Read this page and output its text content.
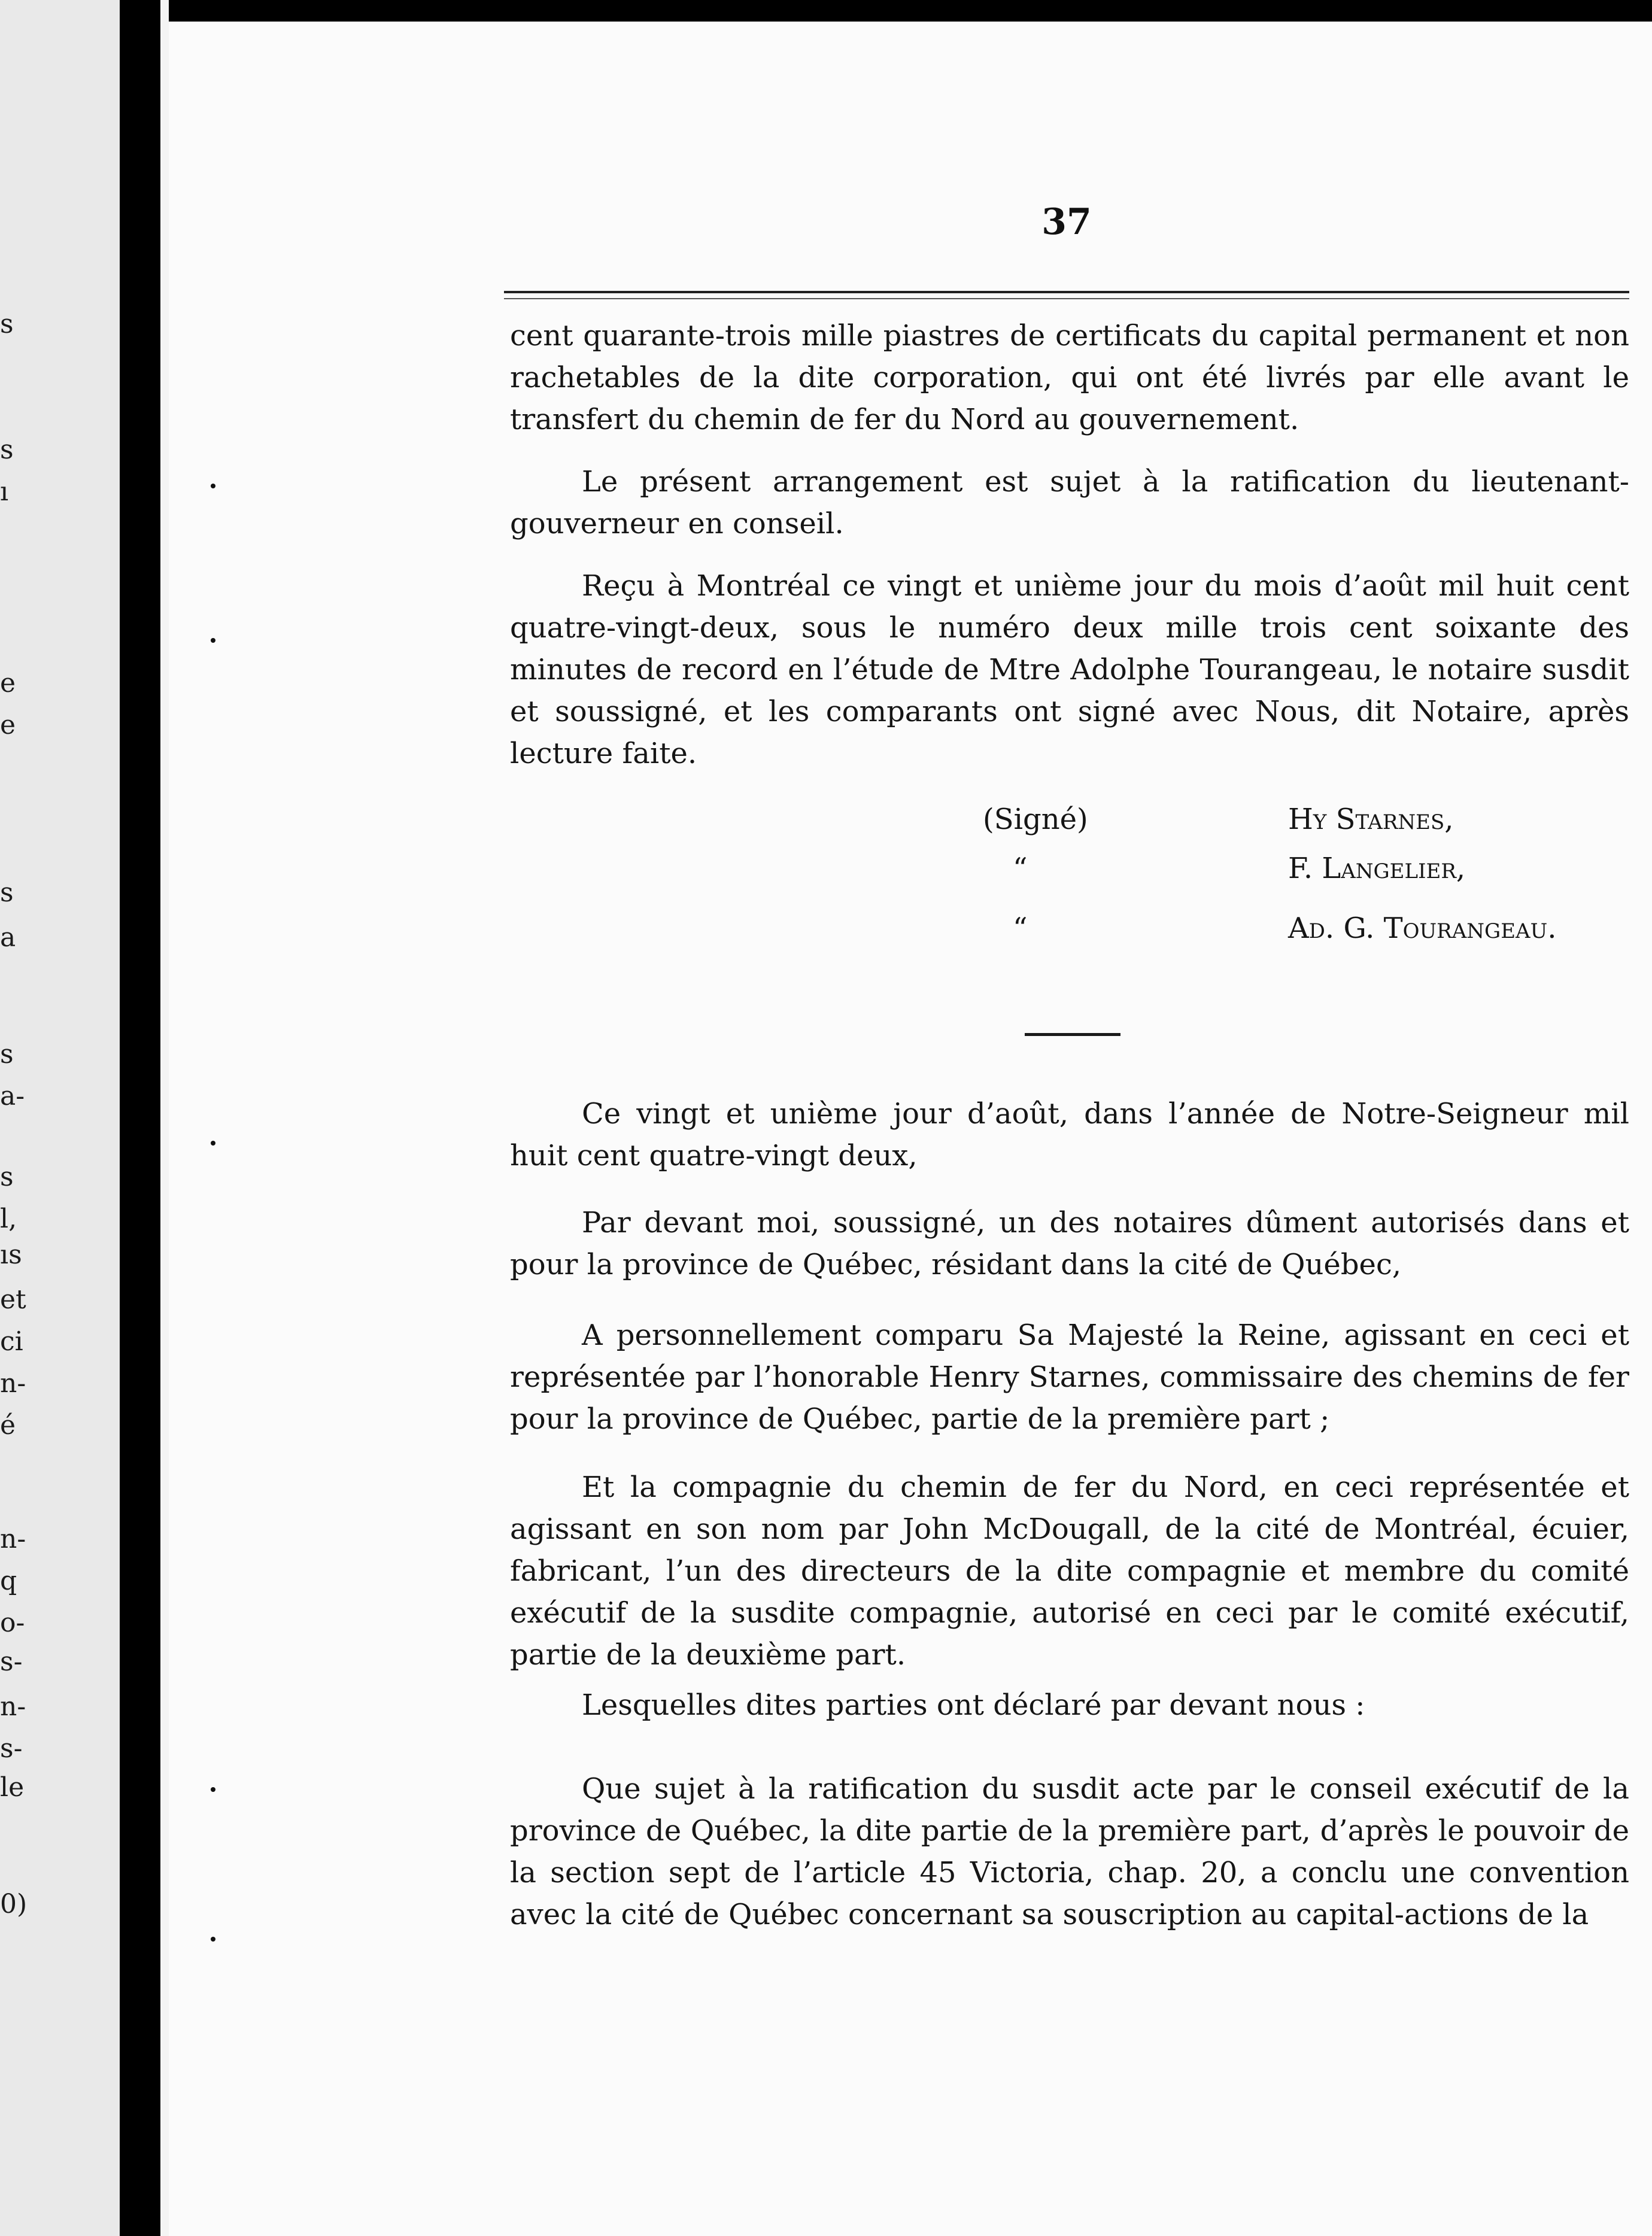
s
s
ı
e
e
s
a
s
a-
s
l,
ıs
et
ci
n-
é
n-
q
o-
s-
n-
s-
le
0)
37
cent quarante-trois mille piastres de certificats du capital permanent et non rachetables de la dite corporation, qui ont été livrés par elle avant le transfert du chemin de fer du Nord au gouvernement.
Le présent arrangement est sujet à la ratification du lieutenant-gouverneur en conseil.
Reçu à Montréal ce vingt et unième jour du mois d’août mil huit cent quatre-vingt-deux, sous le numéro deux mille trois cent soixante des minutes de record en l’étude de Mtre Adolphe Tourangeau, le notaire susdit et soussigné, et les comparants ont signé avec Nous, dit Notaire, après lecture faite.
(Signé)	Hy Starnes,
“	F. Langelier,
“	Ad. G. Tourangeau.
Ce vingt et unième jour d’août, dans l’année de Notre-Seigneur mil huit cent quatre-vingt deux,
Par devant moi, soussigné, un des notaires dûment autorisés dans et pour la province de Québec, résidant dans la cité de Québec,
A personnellement comparu Sa Majesté la Reine, agissant en ceci et représentée par l’honorable Henry Starnes, commissaire des chemins de fer pour la province de Québec, partie de la première part ;
Et la compagnie du chemin de fer du Nord, en ceci représentée et agissant en son nom par John McDougall, de la cité de Montréal, écuier, fabricant, l’un des directeurs de la dite compagnie et membre du comité exécutif de la susdite compagnie, autorisé en ceci par le comité exécutif, partie de la deuxième part.
Lesquelles dites parties ont déclaré par devant nous :
Que sujet à la ratification du susdit acte par le conseil exécutif de la province de Québec, la dite partie de la première part, d’après le pouvoir de la section sept de l’article 45 Victoria, chap. 20, a conclu une convention avec la cité de Québec concernant sa souscription au capital-actions de la
